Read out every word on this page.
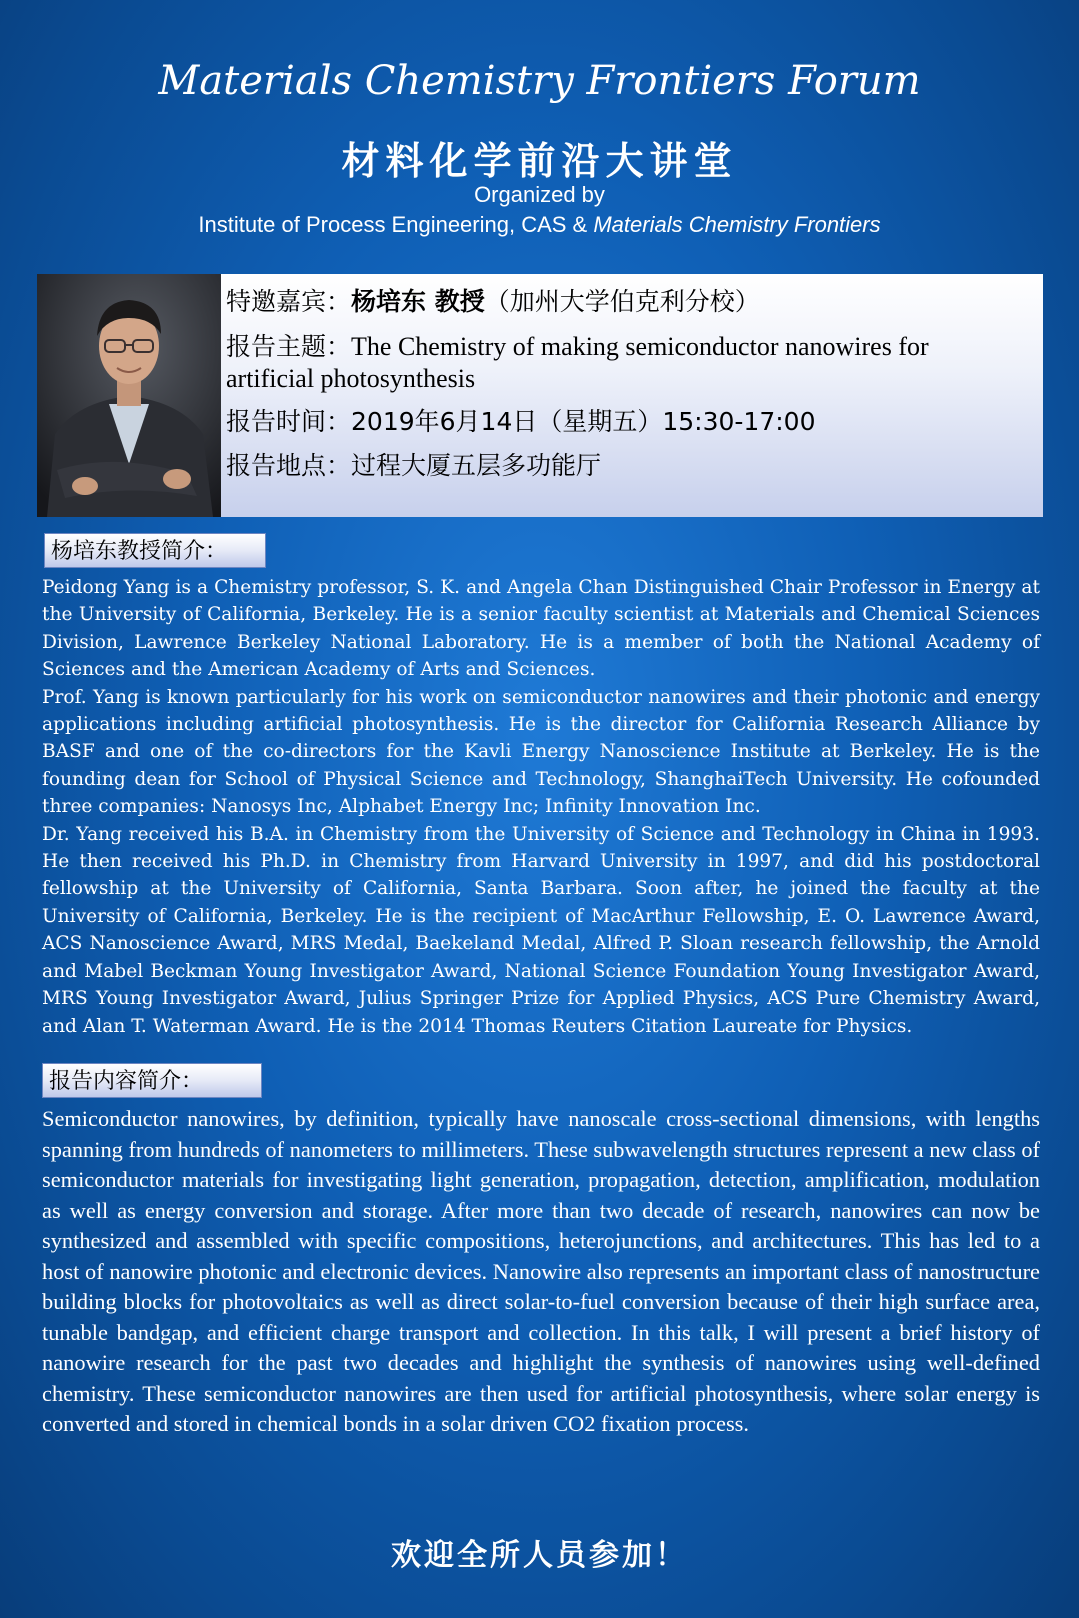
Materials Chemistry Frontiers Forum
材料化学前沿大讲堂
Organized by
Institute of Process Engineering, CAS & Materials Chemistry Frontiers
特邀嘉宾：杨培东 教授（加州大学伯克利分校）
报告主题：The Chemistry of making semiconductor nanowires for
artificial photosynthesis
报告时间：2019年6月14日（星期五）15:30-17:00
报告地点：过程大厦五层多功能厅
杨培东教授简介：

Peidong Yang is a Chemistry professor, S. K. and Angela Chan Distinguished Chair Professor in Energy at the University of California, Berkeley. He is a senior faculty scientist at Materials and Chemical Sciences Division, Lawrence Berkeley National Laboratory. He is a member of both the National Academy of Sciences and the American Academy of Arts and Sciences.

Prof. Yang is known particularly for his work on semiconductor nanowires and their photonic and energy applications including artificial photosynthesis. He is the director for California Research Alliance by BASF and one of the co-directors for the Kavli Energy Nanoscience Institute at Berkeley. He is the founding dean for School of Physical Science and Technology, ShanghaiTech University. He cofounded three companies: Nanosys Inc, Alphabet Energy Inc; Infinity Innovation Inc.

Dr. Yang received his B.A. in Chemistry from the University of Science and Technology in China in 1993. He then received his Ph.D. in Chemistry from Harvard University in 1997, and did his postdoctoral fellowship at the University of California, Santa Barbara. Soon after, he joined the faculty at the University of California, Berkeley. He is the recipient of MacArthur Fellowship, E. O. Lawrence Award, ACS Nanoscience Award, MRS Medal, Baekeland Medal, Alfred P. Sloan research fellowship, the Arnold and Mabel Beckman Young Investigator Award, National Science Foundation Young Investigator Award, MRS Young Investigator Award, Julius Springer Prize for Applied Physics, ACS Pure Chemistry Award, and Alan T. Waterman Award. He is the 2014 Thomas Reuters Citation Laureate for Physics.

报告内容简介：

Semiconductor nanowires, by definition, typically have nanoscale cross-sectional dimensions, with lengths spanning from hundreds of nanometers to millimeters. These subwavelength structures represent a new class of semiconductor materials for investigating light generation, propagation, detection, amplification, modulation as well as energy conversion and storage. After more than two decade of research, nanowires can now be synthesized and assembled with specific compositions, heterojunctions, and architectures. This has led to a host of nanowire photonic and electronic devices. Nanowire also represents an important class of nanostructure building blocks for photovoltaics as well as direct solar-to-fuel conversion because of their high surface area, tunable bandgap, and efficient charge transport and collection. In this talk, I will present a brief history of nanowire research for the past two decades and highlight the synthesis of nanowires using well-defined chemistry. These semiconductor nanowires are then used for artificial photosynthesis, where solar energy is converted and stored in chemical bonds in a solar driven CO2 fixation process.

欢迎全所人员参加！
